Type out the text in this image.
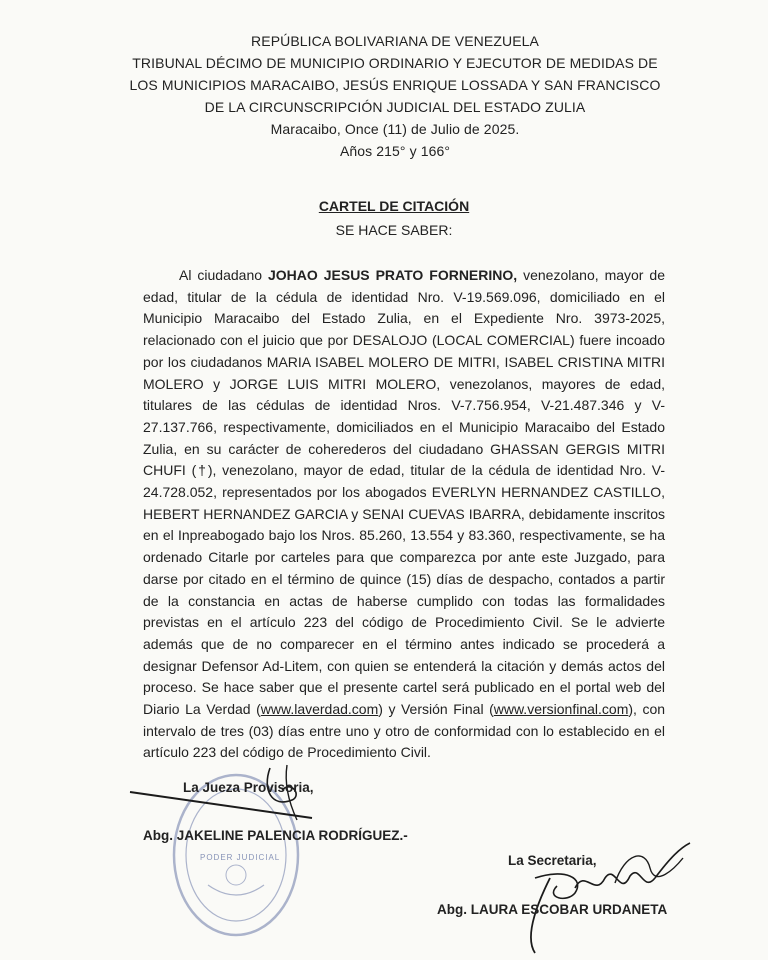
REPÚBLICA BOLIVARIANA DE VENEZUELA
TRIBUNAL DÉCIMO DE MUNICIPIO ORDINARIO Y EJECUTOR DE MEDIDAS DE
LOS MUNICIPIOS MARACAIBO, JESÚS ENRIQUE LOSSADA Y SAN FRANCISCO
DE LA CIRCUNSCRIPCIÓN JUDICIAL DEL ESTADO ZULIA
Maracaibo, Once (11) de Julio de 2025.
Años 215° y 166°
CARTEL DE CITACIÓN
SE HACE SABER:

Al ciudadano JOHAO JESUS PRATO FORNERINO, venezolano, mayor de edad, titular de la cédula de identidad Nro. V-19.569.096, domiciliado en el Municipio Maracaibo del Estado Zulia, en el Expediente Nro. 3973-2025, relacionado con el juicio que por DESALOJO (LOCAL COMERCIAL) fuere incoado por los ciudadanos MARIA ISABEL MOLERO DE MITRI, ISABEL CRISTINA MITRI MOLERO y JORGE LUIS MITRI MOLERO, venezolanos, mayores de edad, titulares de las cédulas de identidad Nros. V-7.756.954, V-21.487.346 y V-27.137.766, respectivamente, domiciliados en el Municipio Maracaibo del Estado Zulia, en su carácter de coherederos del ciudadano GHASSAN GERGIS MITRI CHUFI (†), venezolano, mayor de edad, titular de la cédula de identidad Nro. V-24.728.052, representados por los abogados EVERLYN HERNANDEZ CASTILLO, HEBERT HERNANDEZ GARCIA y SENAI CUEVAS IBARRA, debidamente inscritos en el Inpreabogado bajo los Nros. 85.260, 13.554 y 83.360, respectivamente, se ha ordenado Citarle por carteles para que comparezca por ante este Juzgado, para darse por citado en el término de quince (15) días de despacho, contados a partir de la constancia en actas de haberse cumplido con todas las formalidades previstas en el artículo 223 del código de Procedimiento Civil. Se le advierte además que de no comparecer en el término antes indicado se procederá a designar Defensor Ad-Litem, con quien se entenderá la citación y demás actos del proceso. Se hace saber que el presente cartel será publicado en el portal web del Diario La Verdad (www.laverdad.com) y Versión Final (www.versionfinal.com), con intervalo de tres (03) días entre uno y otro de conformidad con lo establecido en el artículo 223 del código de Procedimiento Civil.

PODER JUDICIAL
La Jueza Provisoria,
Abg. JAKELINE PALENCIA RODRÍGUEZ.-
La Secretaria,
Abg. LAURA ESCOBAR URDANETA
